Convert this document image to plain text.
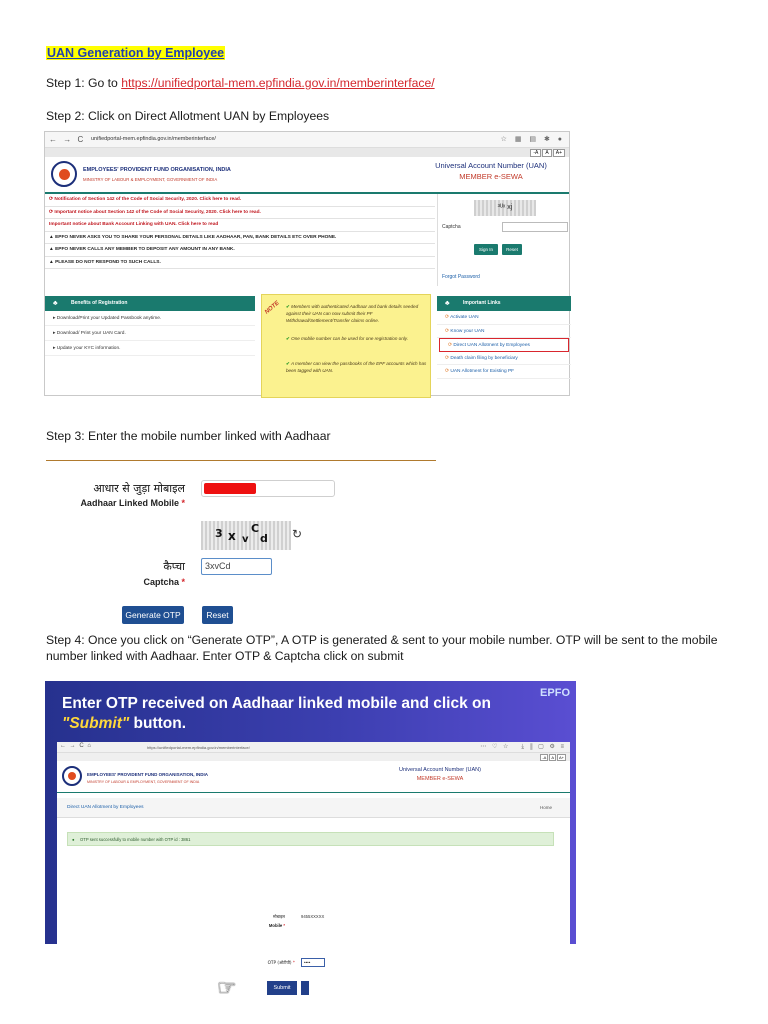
UAN Generation by Employee
Step 1: Go to https://unifiedportal-mem.epfindia.gov.in/memberinterface/
Step 2: Click on Direct Allotment UAN by Employees
← → C unifiedportal-mem.epfindia.gov.in/memberinterface/	☆ ▦ ▤ ✱ ●
-A A A+
EMPLOYEES' PROVIDENT FUND ORGANISATION, INDIA
MINISTRY OF LABOUR & EMPLOYMENT, GOVERNMENT OF INDIA
Universal Account Number (UAN)
MEMBER e-SEWA
⟳ Notification of Section 142 of the Code of Social Security, 2020. Click here to read.
⟳ Important notice about Section 142 of the Code of Social Security, 2020. Click here to read.
Important notice about Bank Account Linking with UAN. Click here to read
▲ EPFO NEVER ASKS YOU TO SHARE YOUR PERSONAL DETAILS LIKE AADHAAR, PAN, BANK DETAILS ETC OVER PHONE.
▲ EPFO NEVER CALLS ANY MEMBER TO DEPOSIT ANY AMOUNT IN ANY BANK.
▲ PLEASE DO NOT RESPOND TO SUCH CALLS.
³ᵁˣ xj
Captcha
Sign In	Reset
Forgot Password
♣ Benefits of Registration
▸ Download/Print your Updated Passbook anytime.
▸ Download/ Print your UAN Card.
▸ Update your KYC information.
NOTE ✔ Members with authenticated Aadhaar and bank details seeded against their UAN can now submit their PF Withdrawal/Settlement/Transfer claims online.
✔ One mobile number can be used for one registration only.
✔ A member can view the passbooks of the EPF accounts which has been tagged with UAN.
♣ Important Links
⟳ Activate UAN
⟳ Know your UAN
⟳ Direct UAN Allotment by Employees
⟳ Death claim filing by beneficiary
⟳ UAN Allotment for Existing PF
Step 3: Enter the mobile number linked with Aadhaar
आधार से जुड़ा मोबाइल
Aadhaar Linked Mobile *
3 x v
C
d ↻
कैप्चा
Captcha *
3xvCd
Generate OTP	Reset
Step 4: Once you click on “Generate OTP”, A OTP is generated & sent to your mobile number. OTP will be sent to the mobile number linked with Aadhaar. Enter OTP & Captcha click on submit
Enter OTP received on Aadhaar linked mobile and click on "Submit" button.
EPFO
← → C ⌂	https://unifiedportal-mem.epfindia.gov.in/memberinterface/	⋯ ♡ ☆   ⤓ ⫼ ▢ ⚙ ≡
-A A A+
EMPLOYEES' PROVIDENT FUND ORGANISATION, INDIA
MINISTRY OF LABOUR & EMPLOYMENT, GOVERNMENT OF INDIA
Universal Account Number (UAN)
MEMBER e-SEWA
Direct UAN Allotment by Employees	Home
● OTP sent successfully to mobile number with OTP id : 3861
मोबाइल
Mobile *
9455XXXXX
OTP (ओटीपी) *	••••
Submit
☞
